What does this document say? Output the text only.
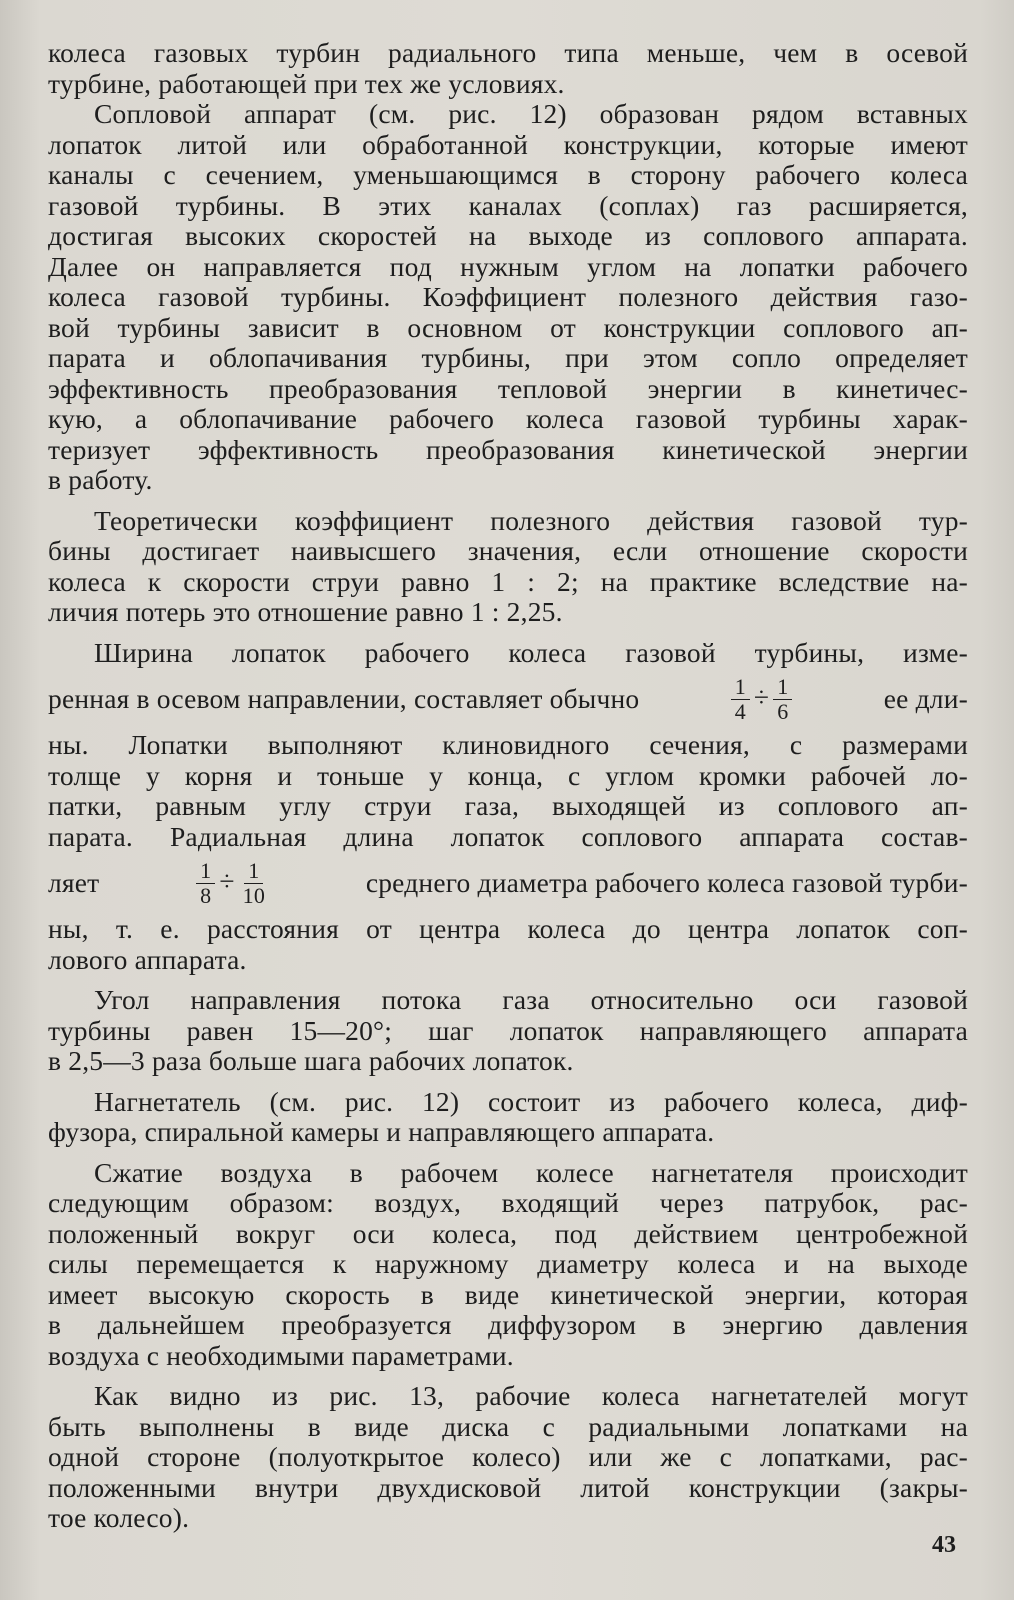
колеса газовых турбин радиального типа меньше, чем в осевой
турбине, работающей при тех же условиях.

Сопловой аппарат (см. рис. 12) образован рядом вставных
лопаток литой или обработанной конструкции, которые имеют
каналы с сечением, уменьшающимся в сторону рабочего колеса
газовой турбины. В этих каналах (соплах) газ расширяется,
достигая высоких скоростей на выходе из соплового аппарата.
Далее он направляется под нужным углом на лопатки рабочего
колеса газовой турбины. Коэффициент полезного действия газо-
вой турбины зависит в основном от конструкции соплового ап-
парата и облопачивания турбины, при этом сопло определяет
эффективность преобразования тепловой энергии в кинетичес-
кую, а облопачивание рабочего колеса газовой турбины харак-
теризует эффективность преобразования кинетической энергии
в работу.

Теоретически коэффициент полезного действия газовой тур-
бины достигает наивысшего значения, если отношение скорости
колеса к скорости струи равно 1 : 2; на практике вследствие на-
личия потерь это отношение равно 1 : 2,25.

Ширина лопаток рабочего колеса газовой турбины, изме-
ренная в осевом направлении, составляет обычно	$\frac{1}{4} \div \frac{1}{6}$	ее дли-
ны. Лопатки выполняют клиновидного сечения, с размерами
толще у корня и тоньше у конца, с углом кромки рабочей ло-
патки, равным углу струи газа, выходящей из соплового ап-
парата. Радиальная длина лопаток соплового аппарата состав-
ляет	$\frac{1}{8} \div \frac{1}{10}$	среднего диаметра рабочего колеса газовой турби-
ны, т. е. расстояния от центра колеса до центра лопаток соп-
лового аппарата.

Угол направления потока газа относительно оси газовой
турбины равен 15—20°; шаг лопаток направляющего аппарата
в 2,5—3 раза больше шага рабочих лопаток.

Нагнетатель (см. рис. 12) состоит из рабочего колеса, диф-
фузора, спиральной камеры и направляющего аппарата.

Сжатие воздуха в рабочем колесе нагнетателя происходит
следующим образом: воздух, входящий через патрубок, рас-
положенный вокруг оси колеса, под действием центробежной
силы перемещается к наружному диаметру колеса и на выходе
имеет высокую скорость в виде кинетической энергии, которая
в дальнейшем преобразуется диффузором в энергию давления
воздуха с необходимыми параметрами.

Как видно из рис. 13, рабочие колеса нагнетателей могут
быть выполнены в виде диска с радиальными лопатками на
одной стороне (полуоткрытое колесо) или же с лопатками, рас-
положенными внутри двухдисковой литой конструкции (закры-
тое колесо).

43
